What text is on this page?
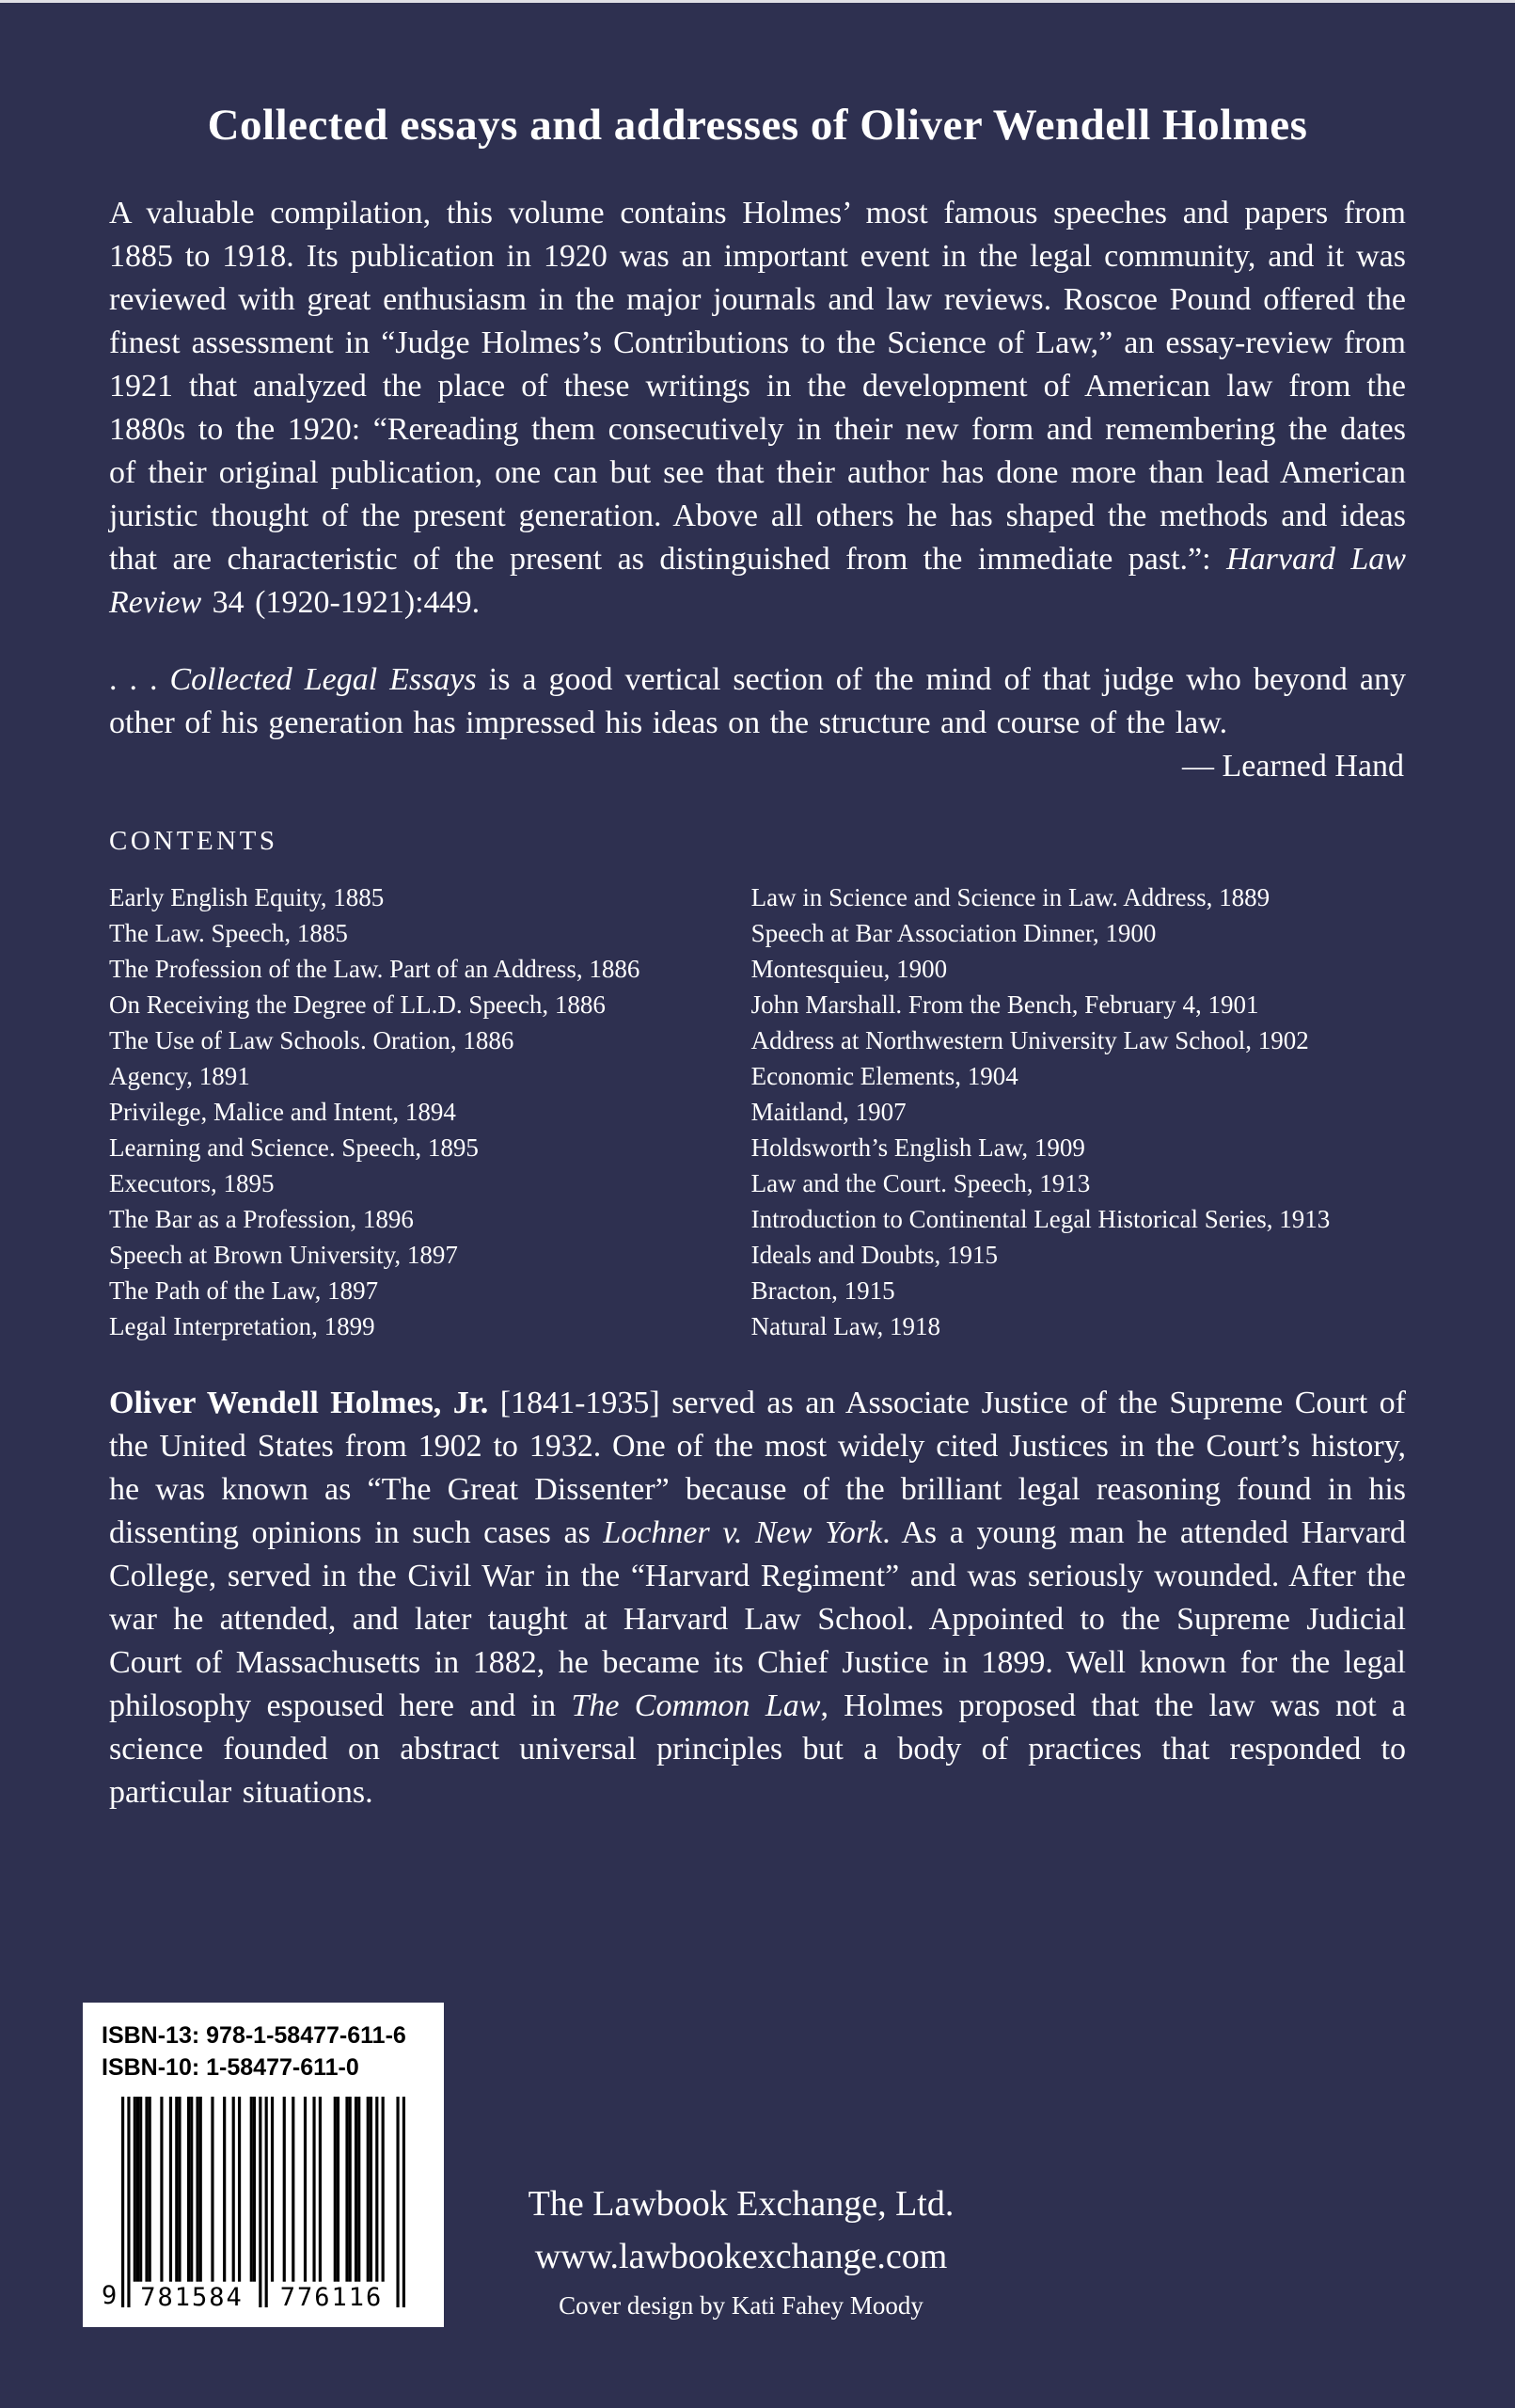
Collected essays and addresses of Oliver Wendell Holmes

A valuable compilation, this volume contains Holmes’ most famous speeches and papers from 1885 to 1918. Its publication in 1920 was an important event in the legal community, and it was reviewed with great enthusiasm in the major journals and law reviews. Roscoe Pound offered the finest assessment in “Judge Holmes’s Contributions to the Science of Law,” an essay-review from 1921 that analyzed the place of these writings in the development of American law from the 1880s to the 1920: “Rereading them consecutively in their new form and remembering the dates of their original publication, one can but see that their author has done more than lead American juristic thought of the present generation. Above all others he has shaped the methods and ideas that are characteristic of the present as distinguished from the immediate past.”: Harvard Law Review 34 (1920-1921):449.

. . . Collected Legal Essays is a good vertical section of the mind of that judge who beyond any other of his generation has impressed his ideas on the structure and course of the law.

— Learned Hand
CONTENTS
Early English Equity, 1885
The Law. Speech, 1885
The Profession of the Law. Part of an Address, 1886
On Receiving the Degree of LL.D. Speech, 1886
The Use of Law Schools. Oration, 1886
Agency, 1891
Privilege, Malice and Intent, 1894
Learning and Science. Speech, 1895
Executors, 1895
The Bar as a Profession, 1896
Speech at Brown University, 1897
The Path of the Law, 1897
Legal Interpretation, 1899
Law in Science and Science in Law. Address, 1889
Speech at Bar Association Dinner, 1900
Montesquieu, 1900
John Marshall. From the Bench, February 4, 1901
Address at Northwestern University Law School, 1902
Economic Elements, 1904
Maitland, 1907
Holdsworth’s English Law, 1909
Law and the Court. Speech, 1913
Introduction to Continental Legal Historical Series, 1913
Ideals and Doubts, 1915
Bracton, 1915
Natural Law, 1918

Oliver Wendell Holmes, Jr. [1841-1935] served as an Associate Justice of the Supreme Court of the United States from 1902 to 1932. One of the most widely cited Justices in the Court’s history, he was known as “The Great Dissenter” because of the brilliant legal reasoning found in his dissenting opinions in such cases as Lochner v. New York. As a young man he attended Harvard College, served in the Civil War in the “Harvard Regiment” and was seriously wounded. After the war he attended, and later taught at Harvard Law School. Appointed to the Supreme Judicial Court of Massachusetts in 1882, he became its Chief Justice in 1899. Well known for the legal philosophy espoused here and in The Common Law, Holmes proposed that the law was not a science founded on abstract universal principles but a body of practices that responded to particular situations.

ISBN-13: 978-1-58477-611-6
ISBN-10: 1-58477-611-0
9 781584 776116
The Lawbook Exchange, Ltd.
www.lawbookexchange.com
Cover design by Kati Fahey Moody
